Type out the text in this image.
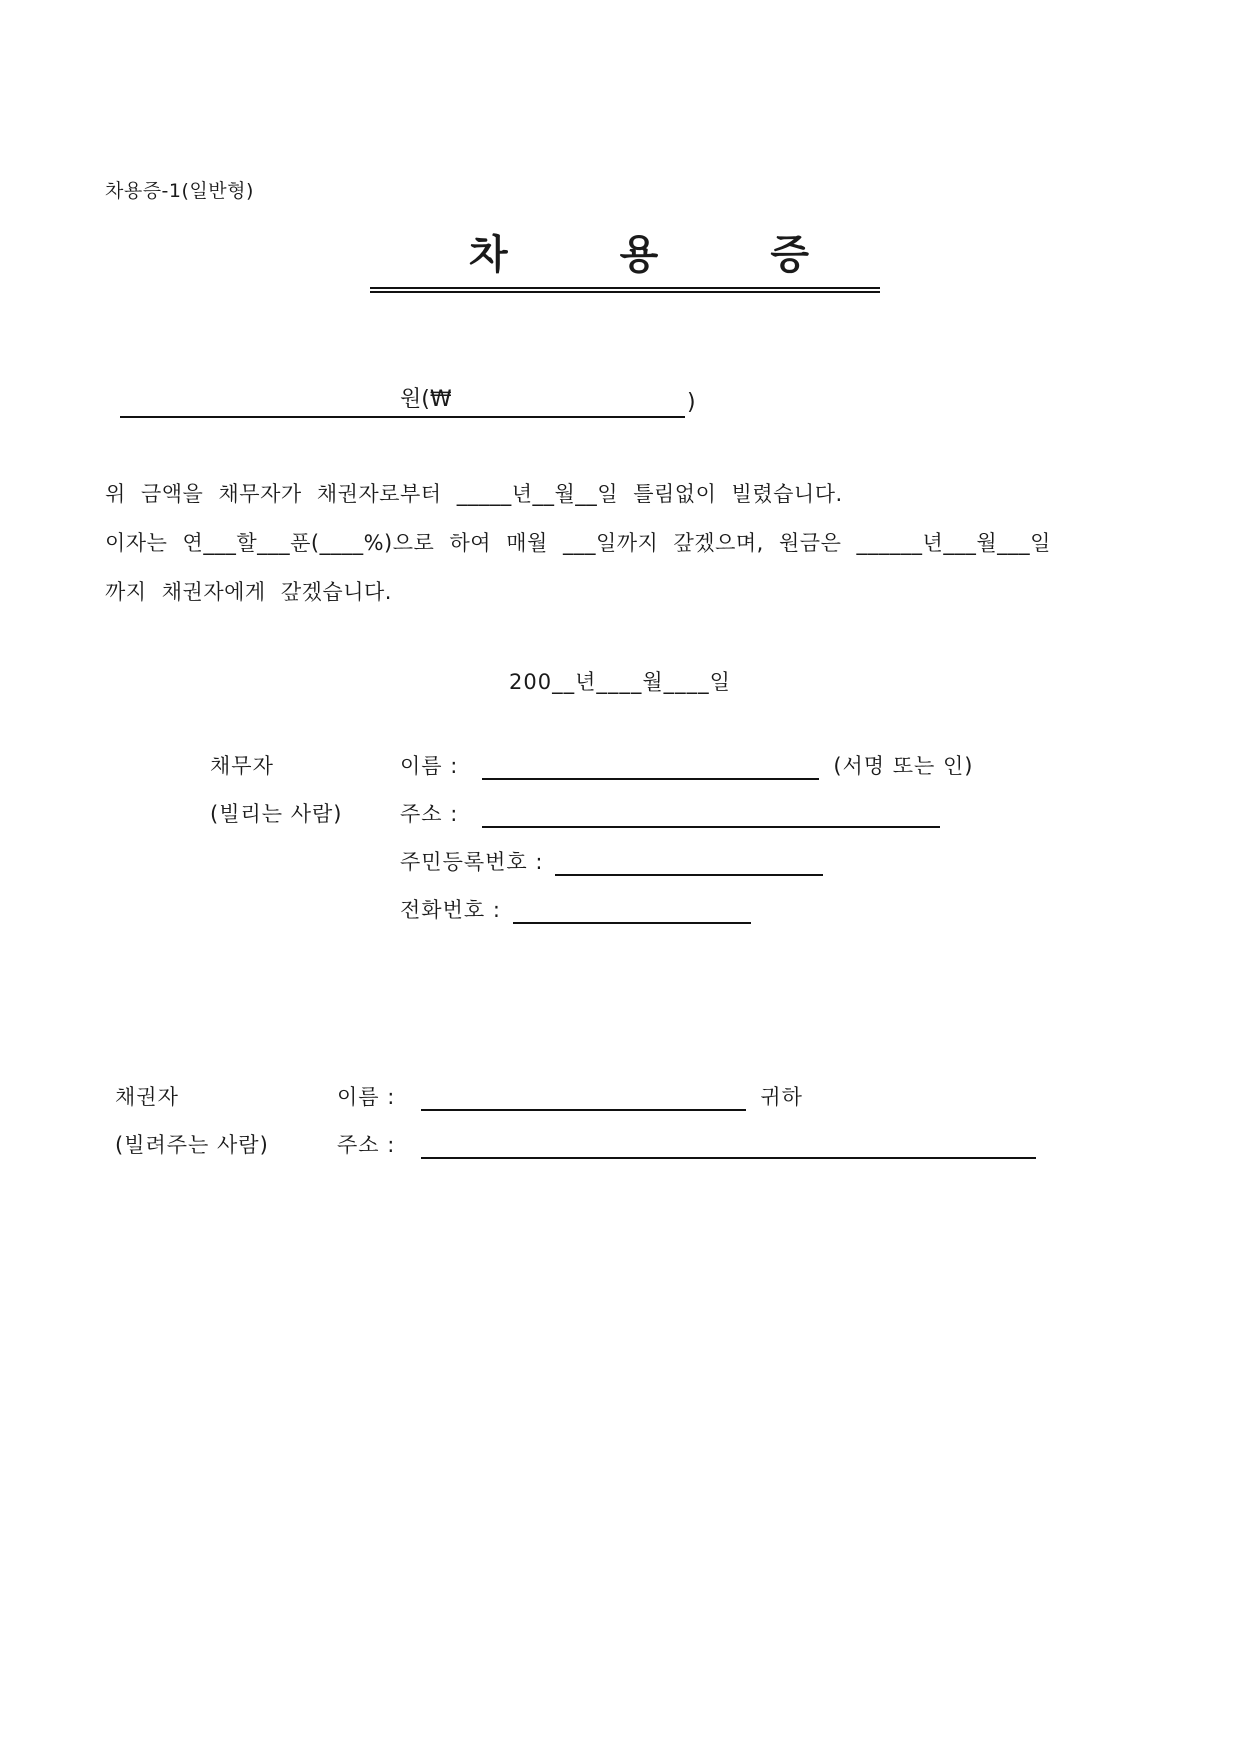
차용증-1(일반형)
차	용	증
원(₩	)
위 금액을 채무자가 채권자로부터 _____년__월__일 틀림없이 빌렸습니다.
이자는 연___할___푼(____%)으로 하여 매월 ___일까지 갚겠으며, 원금은 ______년___월___일
까지 채권자에게 갚겠습니다.
200__년____월____일
채무자	이름 :	(서명 또는 인)
(빌리는 사람)	주소 :
주민등록번호 :
전화번호 :
채권자	이름 :	귀하
(빌려주는 사람)	주소 :
